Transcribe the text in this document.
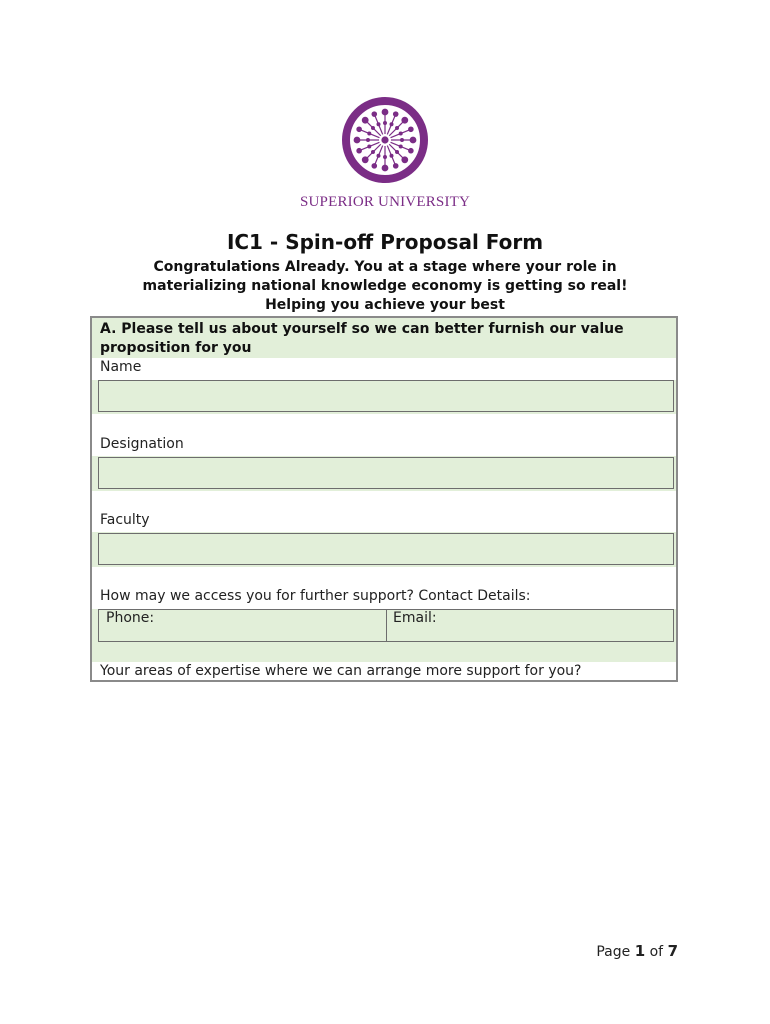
SUPERIOR UNIVERSITY
IC1 - Spin-off Proposal Form
Congratulations Already. You at a stage where your role in
materializing national knowledge economy is getting so real!
Helping you achieve your best
A. Please tell us about yourself so we can better furnish our value
proposition for you
Name
Designation
Faculty
How may we access you for further support? Contact Details:
Phone:	Email:
Your areas of expertise where we can arrange more support for you?
Page 1 of 7
